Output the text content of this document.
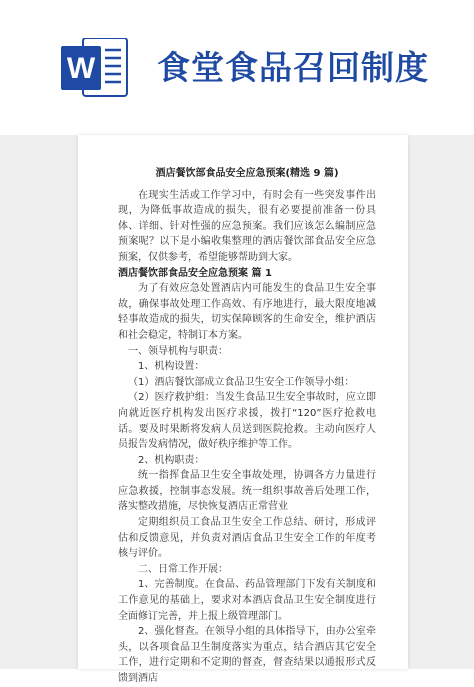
W 食堂食品召回制度

酒店餐饮部食品安全应急预案(精选 9 篇)

在现实生活或工作学习中，有时会有一些突发事件出现，为降低事故造成的损失，很有必要提前准备一份具体、详细、针对性强的应急预案。我们应该怎么编制应急预案呢？以下是小编收集整理的酒店餐饮部食品安全应急预案，仅供参考，希望能够帮助到大家。

酒店餐饮部食品安全应急预案 篇 1

为了有效应急处置酒店内可能发生的食品卫生安全事故，确保事故处理工作高效、有序地进行，最大限度地减轻事故造成的损失，切实保障顾客的生命安全，维护酒店和社会稳定，特制订本方案。

一、领导机构与职责：

1、机构设置：

（1）酒店餐饮部成立食品卫生安全工作领导小组：

（2）医疗救护组：当发生食品卫生安全事故时，应立即向就近医疗机构发出医疗求援，拨打“120”医疗抢救电话。要及时果断将发病人员送到医院抢救。主动向医疗人员报告发病情况，做好秩序维护等工作。

2、机构职责：

统一指挥食品卫生安全事故处理，协调各方力量进行应急救援，控制事态发展。统一组织事故善后处理工作，落实整改措施，尽快恢复酒店正常营业

定期组织员工食品卫生安全工作总结、研讨，形成评估和反馈意见，并负责对酒店食品卫生安全工作的年度考核与评价。

二、日常工作开展：

1、完善制度。在食品、药品管理部门下发有关制度和工作意见的基础上，要求对本酒店食品卫生安全制度进行全面修订完善，并上报上级管理部门。

2、强化督查。在领导小组的具体指导下，由办公室牵头，以各项食品卫生制度落实为重点，结合酒店其它安全工作，进行定期和不定期的督查，督查结果以通报形式反馈到酒店
